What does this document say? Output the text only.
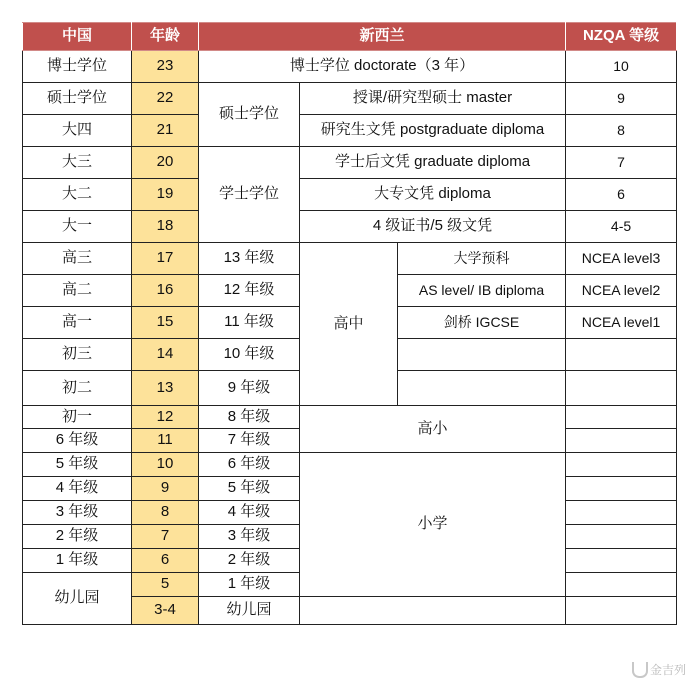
中国	年龄	新西兰			NZQA 等级
博士学位	23	博士学位 doctorate（3 年）			10
硕士学位	22	硕士学位	授课/研究型硕士 master		9
大四	21		研究生文凭 postgraduate diploma		8
大三	20	学士学位	学士后文凭 graduate diploma		7
大二	19		大专文凭 diploma		6
大一	18		4 级证书/5 级文凭		4-5
高三	17	13 年级	高中	大学预科	NCEA level3
高二	16	12 年级		AS level/ IB diploma	NCEA level2
高一	15	11 年级		剑桥 IGCSE	NCEA level1
初三	14	10 年级			
初二	13	9 年级			
初一	12	8 年级	高小		
6 年级	11	7 年级			
5 年级	10	6 年级	小学		
4 年级	9	5 年级			
3 年级	8	4 年级			
2 年级	7	3 年级			
1 年级	6	2 年级			
幼儿园	5	1 年级			
	3-4	幼儿园			
金吉列
